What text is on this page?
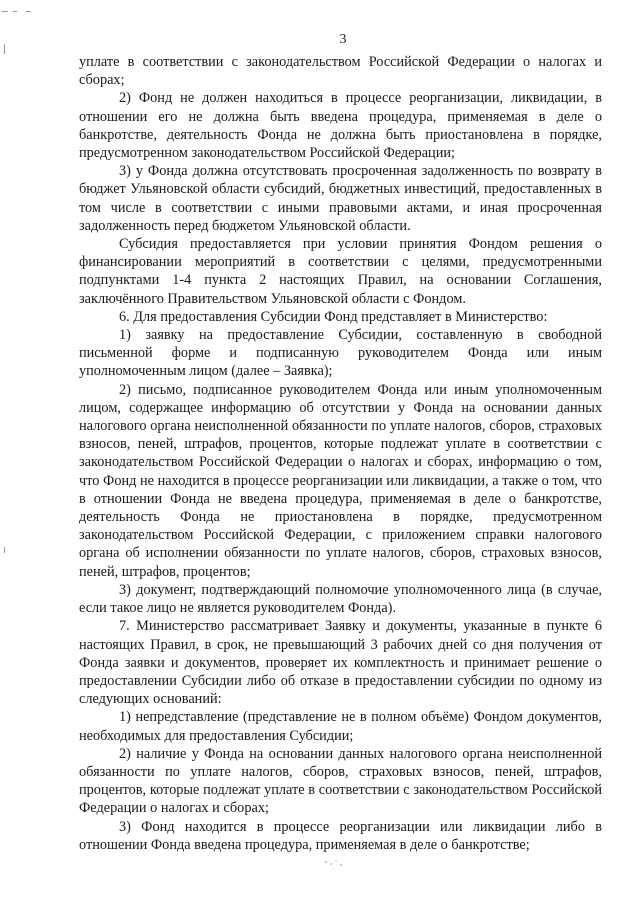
3

уплате в соответствии с законодательством Российской Федерации о налогах и сборах;

2) Фонд не должен находиться в процессе реорганизации, ликвидации, в отношении его не должна быть введена процедура, применяемая в деле о банкротстве, деятельность Фонда не должна быть приостановлена в порядке, предусмотренном законодательством Российской Федерации;

3) у Фонда должна отсутствовать просроченная задолженность по возврату в бюджет Ульяновской области субсидий, бюджетных инвестиций, предоставленных в том числе в соответствии с иными правовыми актами, и иная просроченная задолженность перед бюджетом Ульяновской области.

Субсидия предоставляется при условии принятия Фондом решения о финансировании мероприятий в соответствии с целями, предусмотренными подпунктами 1-4 пункта 2 настоящих Правил, на основании Соглашения, заключённого Правительством Ульяновской области с Фондом.

6. Для предоставления Субсидии Фонд представляет в Министерство:

1) заявку на предоставление Субсидии, составленную в свободной письменной форме и подписанную руководителем Фонда или иным уполномоченным лицом (далее – Заявка);

2) письмо, подписанное руководителем Фонда или иным уполномоченным лицом, содержащее информацию об отсутствии у Фонда на основании данных налогового органа неисполненной обязанности по уплате налогов, сборов, страховых взносов, пеней, штрафов, процентов, которые подлежат уплате в соответствии с законодательством Российской Федерации о налогах и сборах, информацию о том, что Фонд не находится в процессе реорганизации или ликвидации, а также о том, что в отношении Фонда не введена процедура, применяемая в деле о банкротстве, деятельность Фонда не приостановлена в порядке, предусмотренном законодательством Российской Федерации, с приложением справки налогового органа об исполнении обязанности по уплате налогов, сборов, страховых взносов, пеней, штрафов, процентов;

3) документ, подтверждающий полномочие уполномоченного лица (в случае, если такое лицо не является руководителем Фонда).

7. Министерство рассматривает Заявку и документы, указанные в пункте 6 настоящих Правил, в срок, не превышающий 3 рабочих дней со дня получения от Фонда заявки и документов, проверяет их комплектность и принимает решение о предоставлении Субсидии либо об отказе в предоставлении субсидии по одному из следующих оснований:

1) непредставление (представление не в полном объёме) Фондом документов, необходимых для предоставления Субсидии;

2) наличие у Фонда на основании данных налогового органа неисполненной обязанности по уплате налогов, сборов, страховых взносов, пеней, штрафов, процентов, которые подлежат уплате в соответствии с законодательством Российской Федерации о налогах и сборах;

3) Фонд находится в процессе реорганизации или ликвидации либо в отношении Фонда введена процедура, применяемая в деле о банкротстве;
